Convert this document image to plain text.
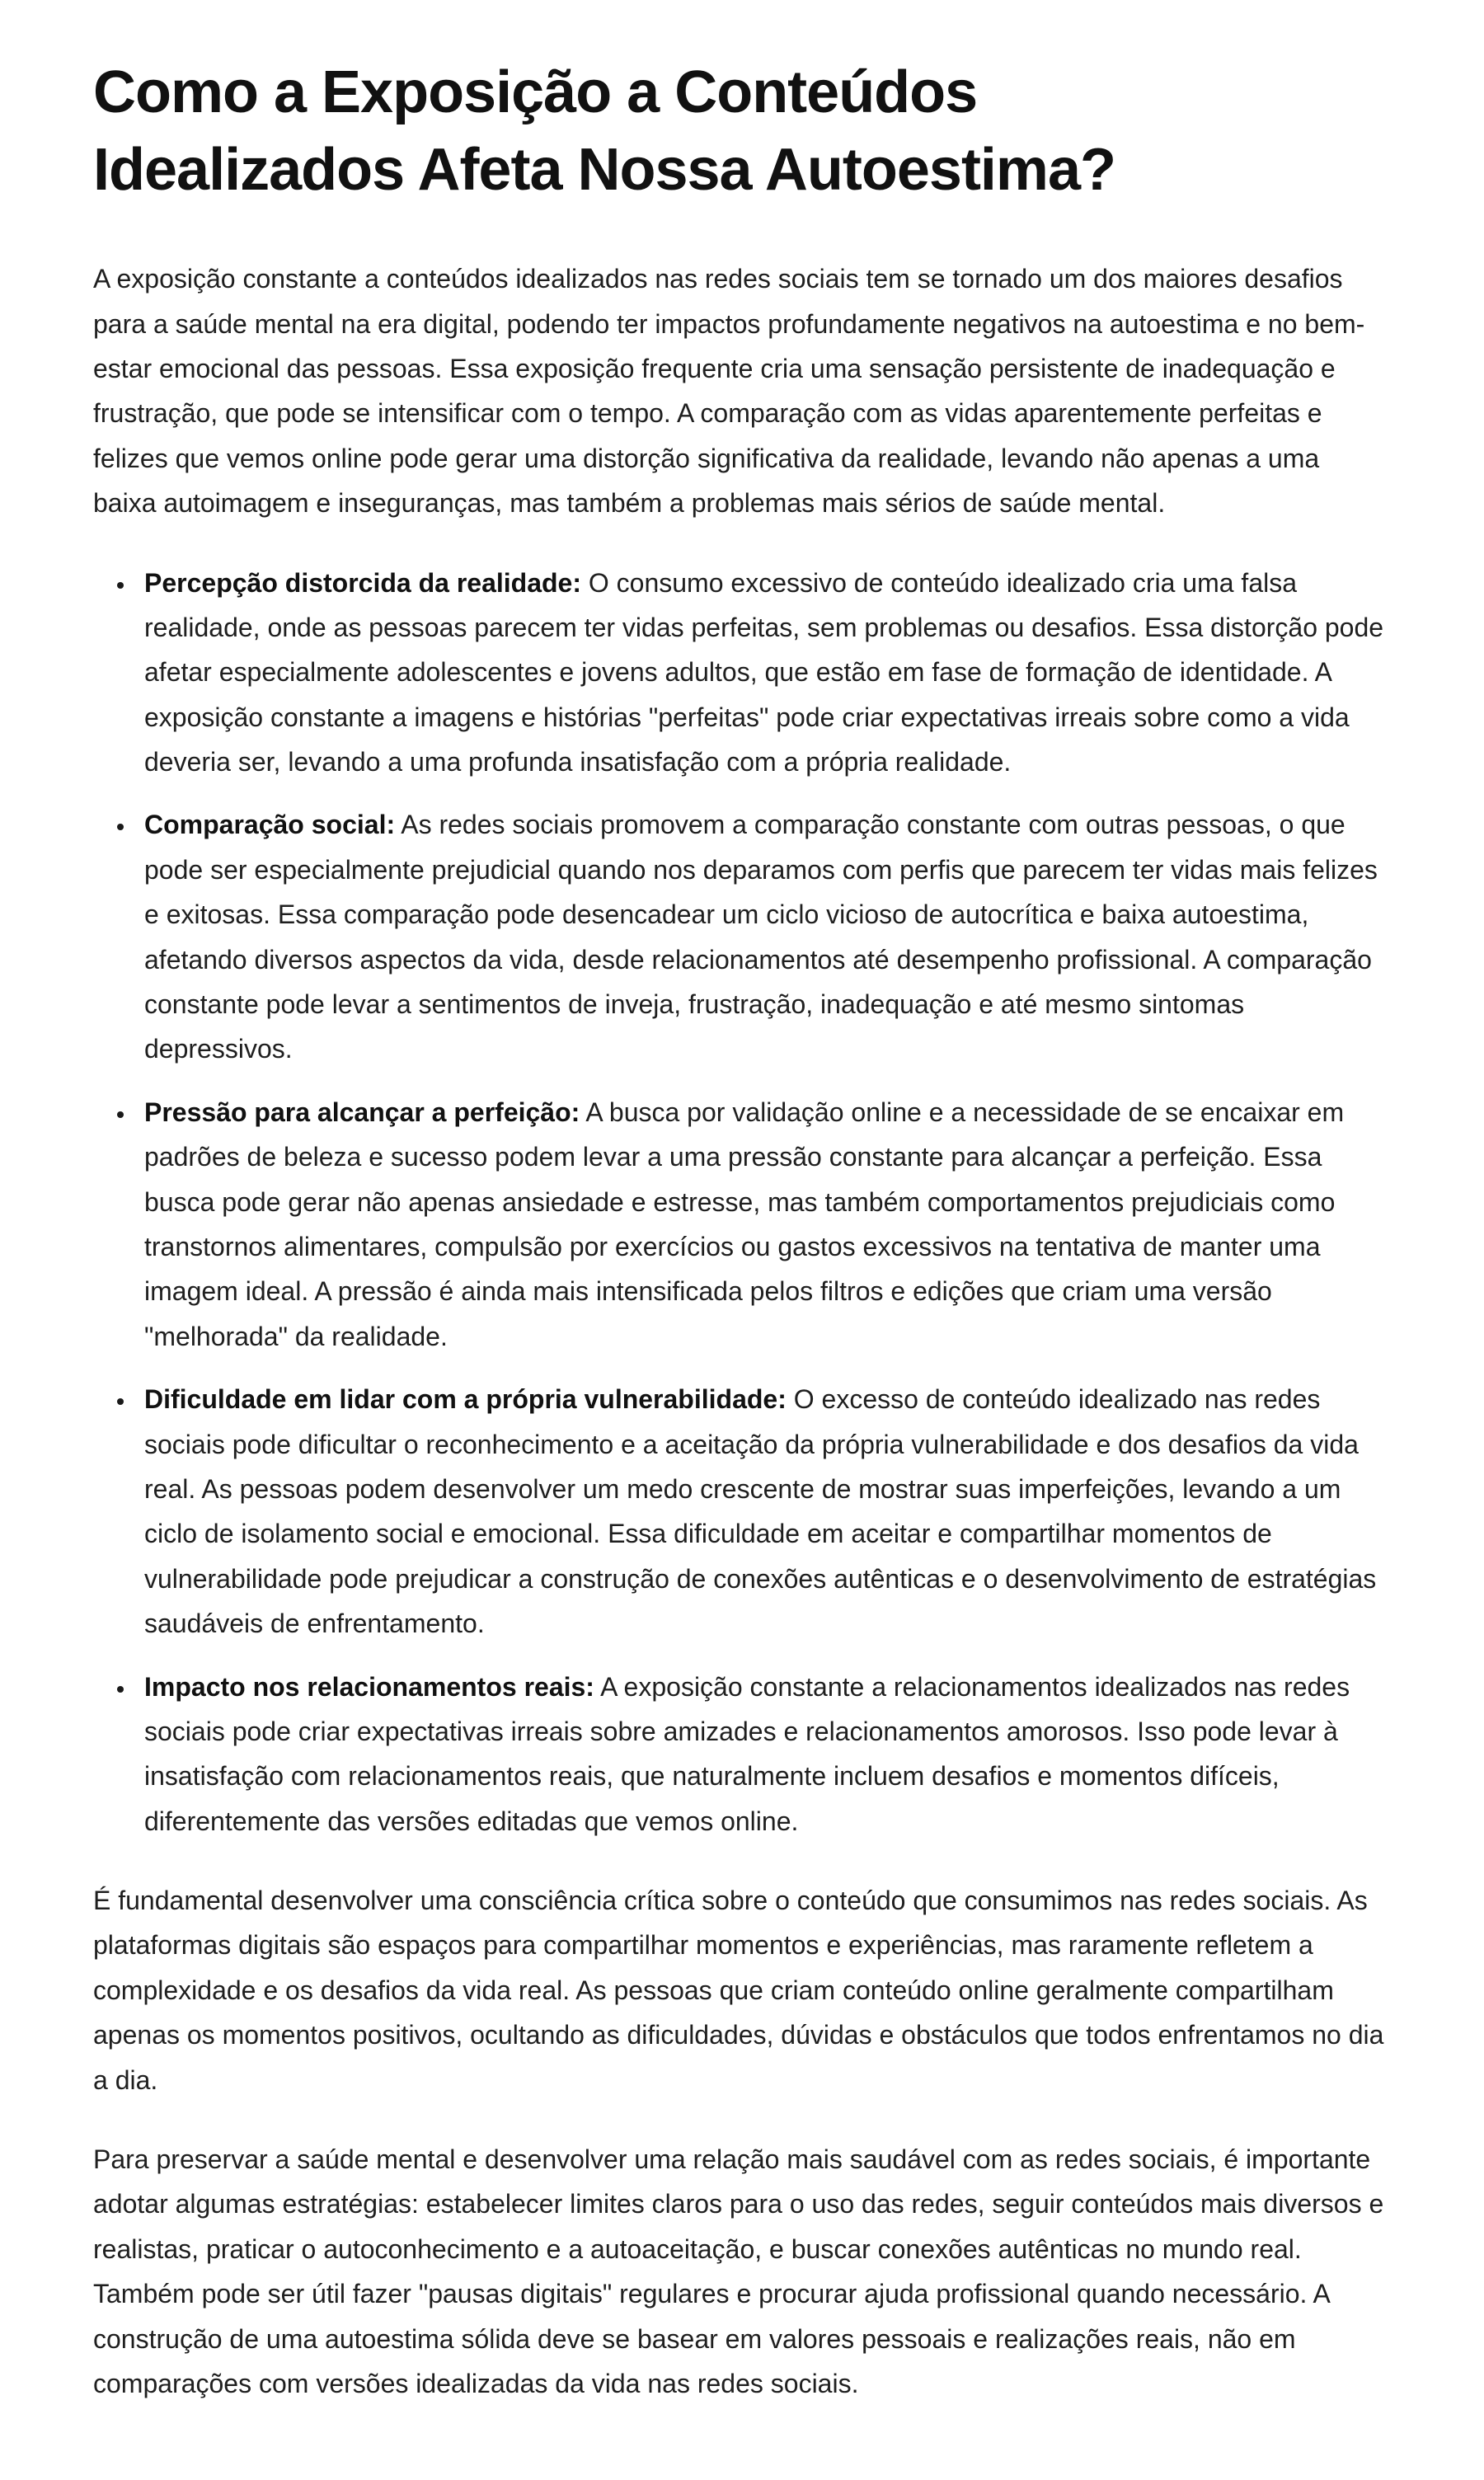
Como a Exposição a Conteúdos Idealizados Afeta Nossa Autoestima?

A exposição constante a conteúdos idealizados nas redes sociais tem se tornado um dos maiores desafios para a saúde mental na era digital, podendo ter impactos profundamente negativos na autoestima e no bem-estar emocional das pessoas. Essa exposição frequente cria uma sensação persistente de inadequação e frustração, que pode se intensificar com o tempo. A comparação com as vidas aparentemente perfeitas e felizes que vemos online pode gerar uma distorção significativa da realidade, levando não apenas a uma baixa autoimagem e inseguranças, mas também a problemas mais sérios de saúde mental.

• Percepção distorcida da realidade: O consumo excessivo de conteúdo idealizado cria uma falsa realidade, onde as pessoas parecem ter vidas perfeitas, sem problemas ou desafios. Essa distorção pode afetar especialmente adolescentes e jovens adultos, que estão em fase de formação de identidade. A exposição constante a imagens e histórias "perfeitas" pode criar expectativas irreais sobre como a vida deveria ser, levando a uma profunda insatisfação com a própria realidade.
• Comparação social: As redes sociais promovem a comparação constante com outras pessoas, o que pode ser especialmente prejudicial quando nos deparamos com perfis que parecem ter vidas mais felizes e exitosas. Essa comparação pode desencadear um ciclo vicioso de autocrítica e baixa autoestima, afetando diversos aspectos da vida, desde relacionamentos até desempenho profissional. A comparação constante pode levar a sentimentos de inveja, frustração, inadequação e até mesmo sintomas depressivos.
• Pressão para alcançar a perfeição: A busca por validação online e a necessidade de se encaixar em padrões de beleza e sucesso podem levar a uma pressão constante para alcançar a perfeição. Essa busca pode gerar não apenas ansiedade e estresse, mas também comportamentos prejudiciais como transtornos alimentares, compulsão por exercícios ou gastos excessivos na tentativa de manter uma imagem ideal. A pressão é ainda mais intensificada pelos filtros e edições que criam uma versão "melhorada" da realidade.
• Dificuldade em lidar com a própria vulnerabilidade: O excesso de conteúdo idealizado nas redes sociais pode dificultar o reconhecimento e a aceitação da própria vulnerabilidade e dos desafios da vida real. As pessoas podem desenvolver um medo crescente de mostrar suas imperfeições, levando a um ciclo de isolamento social e emocional. Essa dificuldade em aceitar e compartilhar momentos de vulnerabilidade pode prejudicar a construção de conexões autênticas e o desenvolvimento de estratégias saudáveis de enfrentamento.
• Impacto nos relacionamentos reais: A exposição constante a relacionamentos idealizados nas redes sociais pode criar expectativas irreais sobre amizades e relacionamentos amorosos. Isso pode levar à insatisfação com relacionamentos reais, que naturalmente incluem desafios e momentos difíceis, diferentemente das versões editadas que vemos online.

É fundamental desenvolver uma consciência crítica sobre o conteúdo que consumimos nas redes sociais. As plataformas digitais são espaços para compartilhar momentos e experiências, mas raramente refletem a complexidade e os desafios da vida real. As pessoas que criam conteúdo online geralmente compartilham apenas os momentos positivos, ocultando as dificuldades, dúvidas e obstáculos que todos enfrentamos no dia a dia.

Para preservar a saúde mental e desenvolver uma relação mais saudável com as redes sociais, é importante adotar algumas estratégias: estabelecer limites claros para o uso das redes, seguir conteúdos mais diversos e realistas, praticar o autoconhecimento e a autoaceitação, e buscar conexões autênticas no mundo real. Também pode ser útil fazer "pausas digitais" regulares e procurar ajuda profissional quando necessário. A construção de uma autoestima sólida deve se basear em valores pessoais e realizações reais, não em comparações com versões idealizadas da vida nas redes sociais.
